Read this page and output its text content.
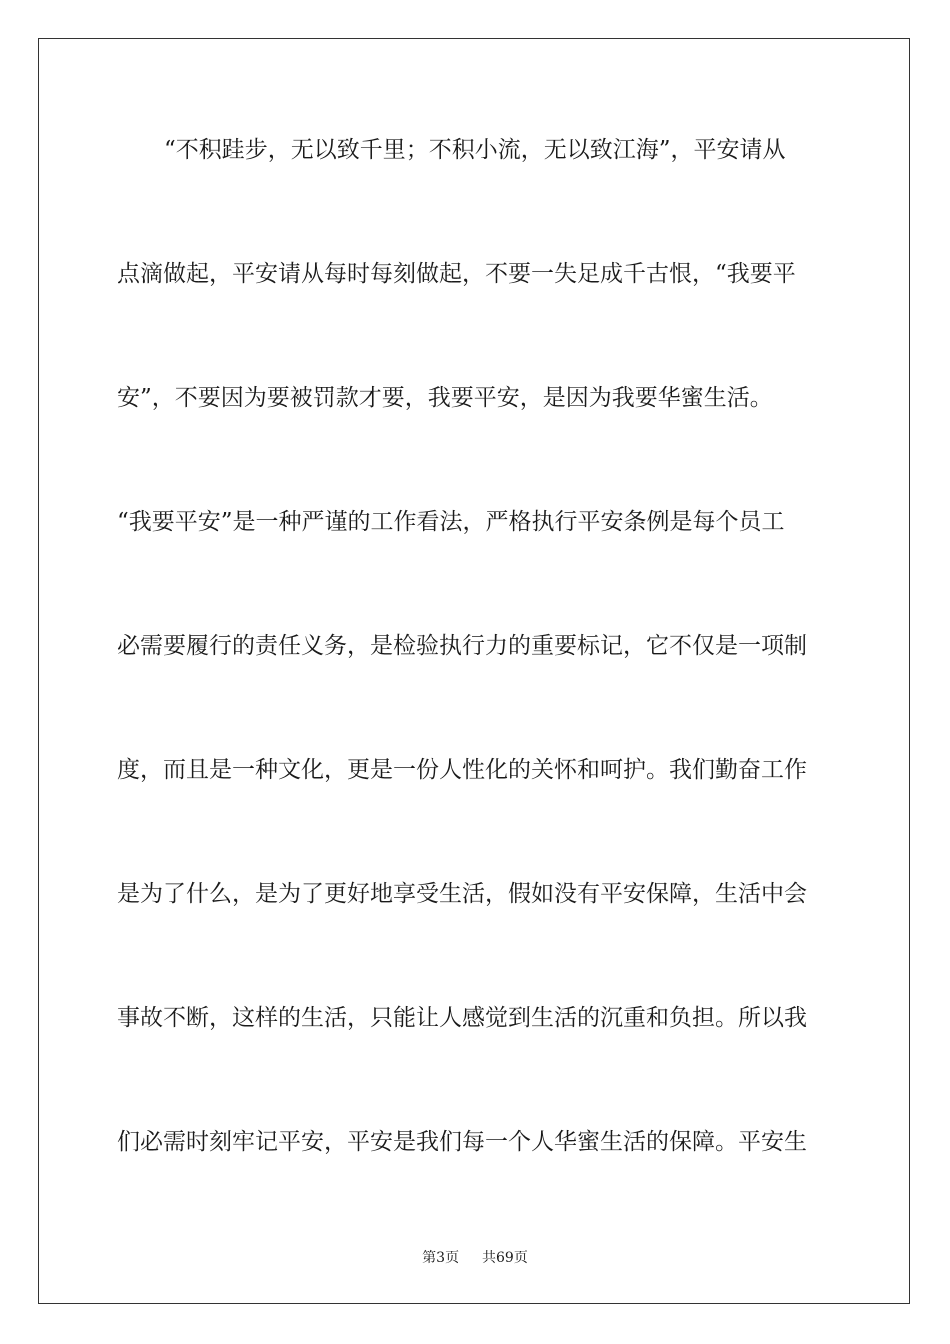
“不积跬步，无以致千里；不积小流，无以致江海”，平安请从
点滴做起，平安请从每时每刻做起，不要一失足成千古恨，“我要平
安”，不要因为要被罚款才要，我要平安，是因为我要华蜜生活。
“我要平安”是一种严谨的工作看法，严格执行平安条例是每个员工
必需要履行的责任义务，是检验执行力的重要标记，它不仅是一项制
度，而且是一种文化，更是一份人性化的关怀和呵护。我们勤奋工作
是为了什么，是为了更好地享受生活，假如没有平安保障，生活中会
事故不断，这样的生活，只能让人感觉到生活的沉重和负担。所以我
们必需时刻牢记平安，平安是我们每一个人华蜜生活的保障。平安生
第3页 共69页
